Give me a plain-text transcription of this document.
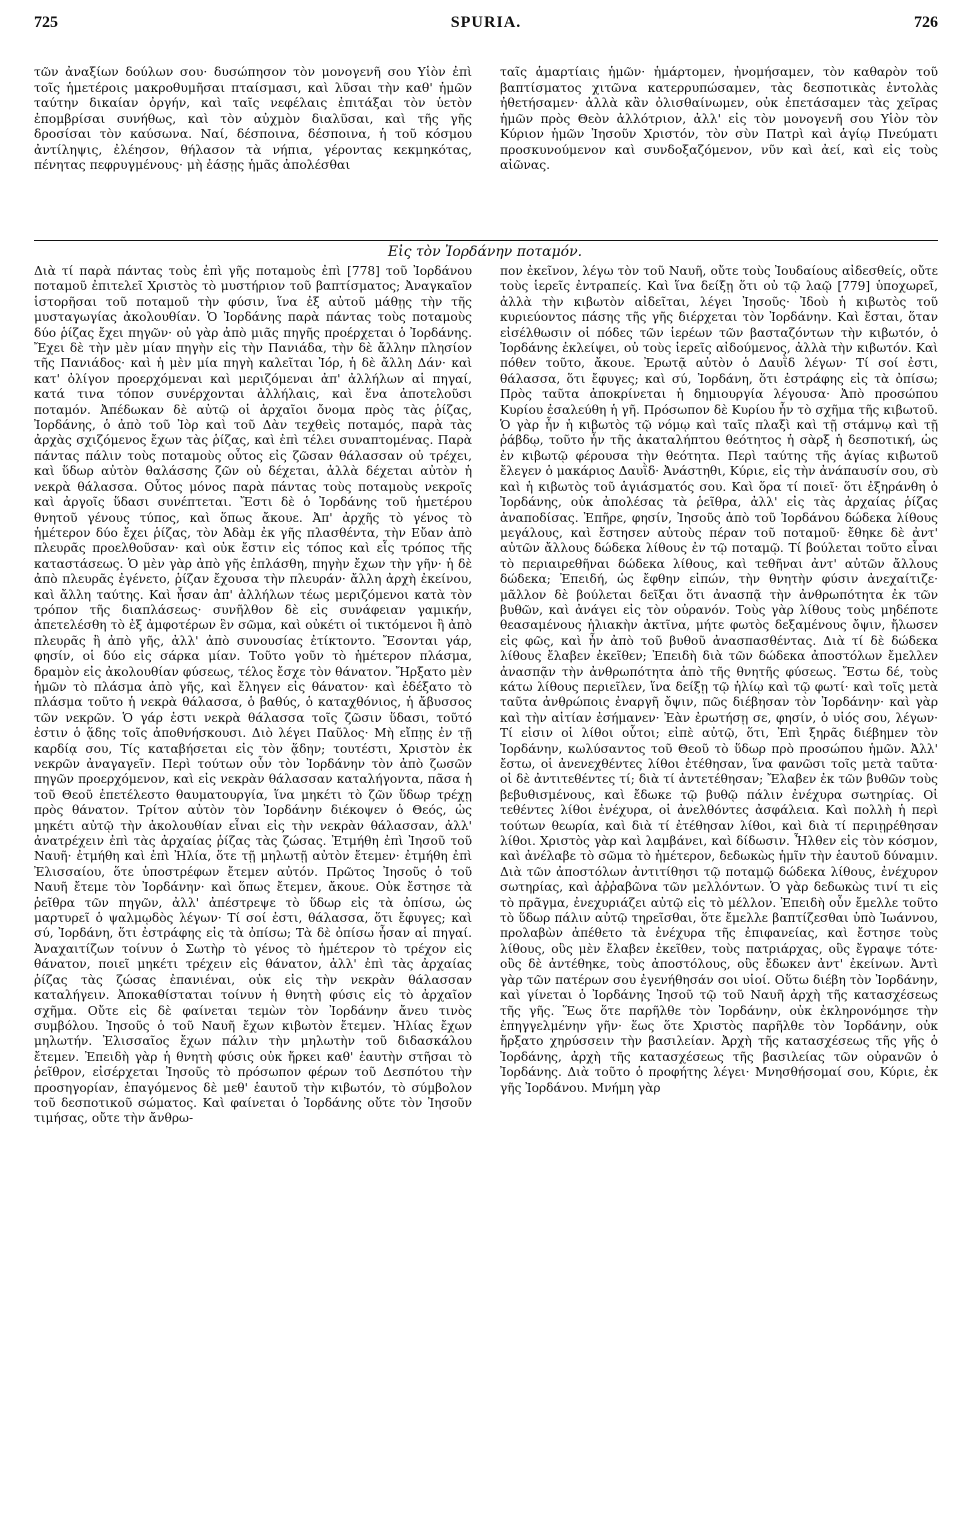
725	SPURIA.	726

τῶν ἀναξίων δούλων σου· δυσώπησον τὸν μονογενῆ σου Υἱὸν ἐπὶ τοῖς ἡμετέροις μακροθυμῆσαι πταίσμασι, καὶ λῦσαι τὴν καθ' ἡμῶν ταύτην δικαίαν ὀργήν, καὶ ταῖς νεφέλαις ἐπιτάξαι τὸν ὑετὸν ἐπομβρίσαι συνήθως, καὶ τὸν αὐχμὸν διαλῦσαι, καὶ τῆς γῆς δροσίσαι τὸν καύσωνα. Ναί, δέσποινα, δέσποινα, ἡ τοῦ κόσμου ἀντίληψις, ἐλέησον, θήλασον τὰ νήπια, γέροντας κεκμηκότας, πένητας πεφρυγμένους· μὴ ἐάσῃς ἡμᾶς ἀπολέσθαι

ταῖς ἁμαρτίαις ἡμῶν· ἡμάρτομεν, ἠνομήσαμεν, τὸν καθαρὸν τοῦ βαπτίσματος χιτῶνα κατερρυπώσαμεν, τὰς δεσποτικὰς ἐντολὰς ἠθετήσαμεν· ἀλλὰ κἂν ὀλισθαίνωμεν, οὐκ ἐπετάσαμεν τὰς χεῖρας ἡμῶν πρὸς Θεὸν ἀλλότριον, ἀλλ' εἰς τὸν μονογενῆ σου Υἱὸν τὸν Κύριον ἡμῶν Ἰησοῦν Χριστόν, τὸν σὺν Πατρὶ καὶ ἁγίῳ Πνεύματι προσκυνούμενον καὶ συνδοξαζόμενον, νῦν καὶ ἀεί, καὶ εἰς τοὺς αἰῶνας.

Εἰς τὸν Ἰορδάνην ποταμόν.

Διὰ τί παρὰ πάντας τοὺς ἐπὶ γῆς ποταμοὺς ἐπὶ [778] τοῦ Ἰορδάνου ποταμοῦ ἐπιτελεῖ Χριστὸς τὸ μυστήριον τοῦ βαπτίσματος; Ἀναγκαῖον ἱστορῆσαι τοῦ ποταμοῦ τὴν φύσιν, ἵνα ἐξ αὐτοῦ μάθῃς τὴν τῆς μυσταγωγίας ἀκολουθίαν. Ὁ Ἰορδάνης παρὰ πάντας τοὺς ποταμοὺς δύο ῥίζας ἔχει πηγῶν· οὐ γὰρ ἀπὸ μιᾶς πηγῆς προέρχεται ὁ Ἰορδάνης. Ἔχει δὲ τὴν μὲν μίαν πηγὴν εἰς τὴν Πανιάδα, τὴν δὲ ἄλλην πλησίον τῆς Πανιάδος· καὶ ἡ μὲν μία πηγὴ καλεῖται Ἰόρ, ἡ δὲ ἄλλη Δάν· καὶ κατ' ὀλίγον προερχόμεναι καὶ μεριζόμεναι ἀπ' ἀλλήλων αἱ πηγαί, κατά τινα τόπον συνέρχονται ἀλλήλαις, καὶ ἕνα ἀποτελοῦσι ποταμόν. Ἀπέδωκαν δὲ αὐτῷ οἱ ἀρχαῖοι ὄνομα πρὸς τὰς ῥίζας, Ἰορδάνης, ὁ ἀπὸ τοῦ Ἰὸρ καὶ τοῦ Δὰν τεχθεὶς ποταμός, παρὰ τὰς ἀρχὰς σχιζόμενος ἔχων τὰς ῥίζας, καὶ ἐπὶ τέλει συναπτομένας. Παρὰ πάντας πάλιν τοὺς ποταμοὺς οὗτος εἰς ζῶσαν θάλασσαν οὐ τρέχει, καὶ ὕδωρ αὐτὸν θαλάσσης ζῶν οὐ δέχεται, ἀλλὰ δέχεται αὐτὸν ἡ νεκρὰ θάλασσα. Οὗτος μόνος παρὰ πάντας τοὺς ποταμοὺς νεκροῖς καὶ ἀργοῖς ὕδασι συνέπτεται. Ἔστι δὲ ὁ Ἰορδάνης τοῦ ἡμετέρου θνητοῦ γένους τύπος, καὶ ὅπως ἄκουε. Ἀπ' ἀρχῆς τὸ γένος τὸ ἡμέτερον δύο ἔχει ῥίζας, τὸν Ἀδὰμ ἐκ γῆς πλασθέντα, τὴν Εὔαν ἀπὸ πλευρᾶς προελθοῦσαν· καὶ οὐκ ἔστιν εἰς τόπος καὶ εἷς τρόπος τῆς καταστάσεως. Ὁ μὲν γὰρ ἀπὸ γῆς ἐπλάσθη, πηγὴν ἔχων τὴν γῆν· ἡ δὲ ἀπὸ πλευρᾶς ἐγένετο, ῥίζαν ἔχουσα τὴν πλευράν· ἄλλη ἀρχὴ ἐκείνου, καὶ ἄλλη ταύτης. Καὶ ἦσαν ἀπ' ἀλλήλων τέως μεριζόμενοι κατὰ τὸν τρόπον τῆς διαπλάσεως· συνῆλθον δὲ εἰς συνάφειαν γαμικήν, ἀπετελέσθη τὸ ἐξ ἀμφοτέρων ἓν σῶμα, καὶ οὐκέτι οἱ τικτόμενοι ἢ ἀπὸ πλευρᾶς ἢ ἀπὸ γῆς, ἀλλ' ἀπὸ συνουσίας ἐτίκτοντο. Ἔσονται γάρ, φησίν, οἱ δύο εἰς σάρκα μίαν. Τοῦτο γοῦν τὸ ἡμέτερον πλάσμα, δραμὸν εἰς ἀκολουθίαν φύσεως, τέλος ἔσχε τὸν θάνατον. Ἤρξατο μὲν ἡμῶν τὸ πλάσμα ἀπὸ γῆς, καὶ ἔληγεν εἰς θάνατον· καὶ ἐδέξατο τὸ πλάσμα τοῦτο ἡ νεκρὰ θάλασσα, ὁ βαθύς, ὁ καταχθόνιος, ἡ ἄβυσσος τῶν νεκρῶν. Ὁ γάρ ἐστι νεκρὰ θάλασσα τοῖς ζῶσιν ὕδασι, τοῦτό ἐστιν ὁ ᾅδης τοῖς ἀποθνήσκουσι. Διὸ λέγει Παῦλος· Μὴ εἴπῃς ἐν τῇ καρδίᾳ σου, Τίς καταβήσεται εἰς τὸν ᾅδην; τουτέστι, Χριστὸν ἐκ νεκρῶν ἀναγαγεῖν. Περὶ τούτων οὖν τὸν Ἰορδάνην τὸν ἀπὸ ζωσῶν πηγῶν προερχόμενον, καὶ εἰς νεκρὰν θάλασσαν καταλήγοντα, πᾶσα ἡ τοῦ Θεοῦ ἐπετέλεστο θαυματουργία, ἵνα μηκέτι τὸ ζῶν ὕδωρ τρέχῃ πρὸς θάνατον. Τρίτον αὐτὸν τὸν Ἰορδάνην διέκοψεν ὁ Θεός, ὡς μηκέτι αὐτῷ τὴν ἀκολουθίαν εἶναι εἰς τὴν νεκρὰν θάλασσαν, ἀλλ' ἀνατρέχειν ἐπὶ τὰς ἀρχαίας ῥίζας τὰς ζώσας. Ἐτμήθη ἐπὶ Ἰησοῦ τοῦ Ναυῆ· ἐτμήθη καὶ ἐπὶ Ἠλία, ὅτε τῇ μηλωτῇ αὐτὸν ἔτεμεν· ἐτμήθη ἐπὶ Ἐλισσαίου, ὅτε ὑποστρέφων ἔτεμεν αὐτόν. Πρῶτος Ἰησοῦς ὁ τοῦ Ναυῆ ἔτεμε τὸν Ἰορδάνην· καὶ ὅπως ἔτεμεν, ἄκουε. Οὐκ ἔστησε τὰ ῥεῖθρα τῶν πηγῶν, ἀλλ' ἀπέστρεψε τὸ ὕδωρ εἰς τὰ ὀπίσω, ὡς μαρτυρεῖ ὁ ψαλμῳδὸς λέγων· Τί σοί ἐστι, θάλασσα, ὅτι ἔφυγες; καὶ σύ, Ἰορδάνη, ὅτι ἐστράφης εἰς τὰ ὀπίσω; Τὰ δὲ ὀπίσω ἦσαν αἱ πηγαί. Ἀναχαιτίζων τοίνυν ὁ Σωτὴρ τὸ γένος τὸ ἡμέτερον τὸ τρέχον εἰς θάνατον, ποιεῖ μηκέτι τρέχειν εἰς θάνατον, ἀλλ' ἐπὶ τὰς ἀρχαίας ῥίζας τὰς ζώσας ἐπανιέναι, οὐκ εἰς τὴν νεκρὰν θάλασσαν καταλήγειν. Ἀποκαθίσταται τοίνυν ἡ θνητὴ φύσις εἰς τὸ ἀρχαῖον σχῆμα. Οὔτε εἰς δὲ φαίνεται τεμὼν τὸν Ἰορδάνην ἄνευ τινὸς συμβόλου. Ἰησοῦς ὁ τοῦ Ναυῆ ἔχων κιβωτὸν ἔτεμεν. Ἠλίας ἔχων μηλωτήν. Ἐλισσαῖος ἔχων πάλιν τὴν μηλωτὴν τοῦ διδασκάλου ἔτεμεν. Ἐπειδὴ γὰρ ἡ θνητὴ φύσις οὐκ ἤρκει καθ' ἑαυτὴν στῆσαι τὸ ῥεῖθρον, εἰσέρχεται Ἰησοῦς τὸ πρόσωπον φέρων τοῦ Δεσπότου τὴν προσηγορίαν, ἐπαγόμενος δὲ μεθ' ἑαυτοῦ τὴν κιβωτόν, τὸ σύμβολον τοῦ δεσποτικοῦ σώματος. Καὶ φαίνεται ὁ Ἰορδάνης οὔτε τὸν Ἰησοῦν τιμήσας, οὔτε τὴν ἄνθρω-

πον ἐκεῖνον, λέγω τὸν τοῦ Ναυῆ, οὔτε τοὺς Ἰουδαίους αἰδεσθείς, οὔτε τοὺς ἱερεῖς ἐντραπείς. Καὶ ἵνα δείξῃ ὅτι οὐ τῷ λαῷ [779] ὑποχωρεῖ, ἀλλὰ τὴν κιβωτὸν αἰδεῖται, λέγει Ἰησοῦς· Ἰδοὺ ἡ κιβωτὸς τοῦ κυριεύοντος πάσης τῆς γῆς διέρχεται τὸν Ἰορδάνην. Καὶ ἔσται, ὅταν εἰσέλθωσιν οἱ πόδες τῶν ἱερέων τῶν βασταζόντων τὴν κιβωτόν, ὁ Ἰορδάνης ἐκλείψει, οὐ τοὺς ἱερεῖς αἰδούμενος, ἀλλὰ τὴν κιβωτόν. Καὶ πόθεν τοῦτο, ἄκουε. Ἐρωτᾷ αὐτὸν ὁ Δαυῒδ λέγων· Τί σοί ἐστι, θάλασσα, ὅτι ἔφυγες; καὶ σύ, Ἰορδάνη, ὅτι ἐστράφης εἰς τὰ ὀπίσω; Πρὸς ταῦτα ἀποκρίνεται ἡ δημιουργία λέγουσα· Ἀπὸ προσώπου Κυρίου ἐσαλεύθη ἡ γῆ. Πρόσωπον δὲ Κυρίου ἦν τὸ σχῆμα τῆς κιβωτοῦ. Ὁ γὰρ ἦν ἡ κιβωτὸς τῷ νόμῳ καὶ ταῖς πλαξὶ καὶ τῇ στάμνῳ καὶ τῇ ῥάβδῳ, τοῦτο ἦν τῆς ἀκαταλήπτου θεότητος ἡ σὰρξ ἡ δεσποτική, ὡς ἐν κιβωτῷ φέρουσα τὴν θεότητα. Περὶ ταύτης τῆς ἁγίας κιβωτοῦ ἔλεγεν ὁ μακάριος Δαυῒδ· Ἀνάστηθι, Κύριε, εἰς τὴν ἀνάπαυσίν σου, σὺ καὶ ἡ κιβωτὸς τοῦ ἁγιάσματός σου. Καὶ ὅρα τί ποιεῖ· ὅτι ἐξηράνθη ὁ Ἰορδάνης, οὐκ ἀπολέσας τὰ ῥεῖθρα, ἀλλ' εἰς τὰς ἀρχαίας ῥίζας ἀναποδίσας. Ἐπῆρε, φησίν, Ἰησοῦς ἀπὸ τοῦ Ἰορδάνου δώδεκα λίθους μεγάλους, καὶ ἔστησεν αὐτοὺς πέραν τοῦ ποταμοῦ· ἔθηκε δὲ ἀντ' αὐτῶν ἄλλους δώδεκα λίθους ἐν τῷ ποταμῷ. Τί βούλεται τοῦτο εἶναι τὸ περιαιρεθῆναι δώδεκα λίθους, καὶ τεθῆναι ἀντ' αὐτῶν ἄλλους δώδεκα; Ἐπειδή, ὡς ἔφθην εἰπών, τὴν θνητὴν φύσιν ἀνεχαίτιζε· μᾶλλον δὲ βούλεται δεῖξαι ὅτι ἀνασπᾷ τὴν ἀνθρωπότητα ἐκ τῶν βυθῶν, καὶ ἀνάγει εἰς τὸν οὐρανόν. Τοὺς γὰρ λίθους τοὺς μηδέποτε θεασαμένους ἡλιακὴν ἀκτῖνα, μήτε φωτὸς δεξαμένους ὄψιν, ἤλωσεν εἰς φῶς, καὶ ἦν ἀπὸ τοῦ βυθοῦ ἀνασπασθέντας. Διὰ τί δὲ δώδεκα λίθους ἔλαβεν ἐκεῖθεν; Ἐπειδὴ διὰ τῶν δώδεκα ἀποστόλων ἔμελλεν ἀνασπᾷν τὴν ἀνθρωπότητα ἀπὸ τῆς θνητῆς φύσεως. Ἔστω δέ, τοὺς κάτω λίθους περιεῖλεν, ἵνα δείξῃ τῷ ἡλίῳ καὶ τῷ φωτί· καὶ τοῖς μετὰ ταῦτα ἀνθρώποις ἐναργῆ ὄψιν, πῶς διέβησαν τὸν Ἰορδάνην· καὶ γὰρ καὶ τὴν αἰτίαν ἐσήμανεν· Ἐὰν ἐρωτήσῃ σε, φησίν, ὁ υἱός σου, λέγων· Τί εἰσιν οἱ λίθοι οὗτοι; εἰπὲ αὐτῷ, ὅτι, Ἐπὶ ξηρᾶς διέβημεν τὸν Ἰορδάνην, κωλύσαντος τοῦ Θεοῦ τὸ ὕδωρ πρὸ προσώπου ἡμῶν. Ἀλλ' ἔστω, οἱ ἀνενεχθέντες λίθοι ἐτέθησαν, ἵνα φανῶσι τοῖς μετὰ ταῦτα· οἱ δὲ ἀντιτεθέντες τί; διὰ τί ἀντετέθησαν; Ἔλαβεν ἐκ τῶν βυθῶν τοὺς βεβυθισμένους, καὶ ἔδωκε τῷ βυθῷ πάλιν ἐνέχυρα σωτηρίας. Οἱ τεθέντες λίθοι ἐνέχυρα, οἱ ἀνελθόντες ἀσφάλεια. Καὶ πολλὴ ἡ περὶ τούτων θεωρία, καὶ διὰ τί ἐτέθησαν λίθοι, καὶ διὰ τί περιῃρέθησαν λίθοι. Χριστὸς γὰρ καὶ λαμβάνει, καὶ δίδωσιν. Ἦλθεν εἰς τὸν κόσμον, καὶ ἀνέλαβε τὸ σῶμα τὸ ἡμέτερον, δεδωκὼς ἡμῖν τὴν ἑαυτοῦ δύναμιν. Διὰ τῶν ἀποστόλων ἀντιτίθησι τῷ ποταμῷ δώδεκα λίθους, ἐνέχυρον σωτηρίας, καὶ ἀῤῥαβῶνα τῶν μελλόντων. Ὁ γὰρ δεδωκὼς τινί τι εἰς τὸ πρᾶγμα, ἐνεχυριάζει αὐτῷ εἰς τὸ μέλλον. Ἐπειδὴ οὖν ἔμελλε τοῦτο τὸ ὕδωρ πάλιν αὐτῷ τηρεῖσθαι, ὅτε ἔμελλε βαπτίζεσθαι ὑπὸ Ἰωάννου, προλαβὼν ἀπέθετο τὰ ἐνέχυρα τῆς ἐπιφανείας, καὶ ἔστησε τοὺς λίθους, οὓς μὲν ἔλαβεν ἐκεῖθεν, τοὺς πατριάρχας, οὓς ἔγραψε τότε· οὓς δὲ ἀντέθηκε, τοὺς ἀποστόλους, οὓς ἔδωκεν ἀντ' ἐκείνων. Ἀντὶ γὰρ τῶν πατέρων σου ἐγενήθησάν σοι υἱοί. Οὕτω διέβη τὸν Ἰορδάνην, καὶ γίνεται ὁ Ἰορδάνης Ἰησοῦ τῷ τοῦ Ναυῆ ἀρχὴ τῆς κατασχέσεως τῆς γῆς. Ἕως ὅτε παρῆλθε τὸν Ἰορδάνην, οὐκ ἐκληρονόμησε τὴν ἐπηγγελμένην γῆν· ἕως ὅτε Χριστὸς παρῆλθε τὸν Ἰορδάνην, οὐκ ἤρξατο χηρύσσειν τὴν βασιλείαν. Ἀρχὴ τῆς κατασχέσεως τῆς γῆς ὁ Ἰορδάνης, ἀρχὴ τῆς κατασχέσεως τῆς βασιλείας τῶν οὐρανῶν ὁ Ἰορδάνης. Διὰ τοῦτο ὁ προφήτης λέγει· Μνησθήσομαί σου, Κύριε, ἐκ γῆς Ἰορδάνου. Μνήμη γὰρ
